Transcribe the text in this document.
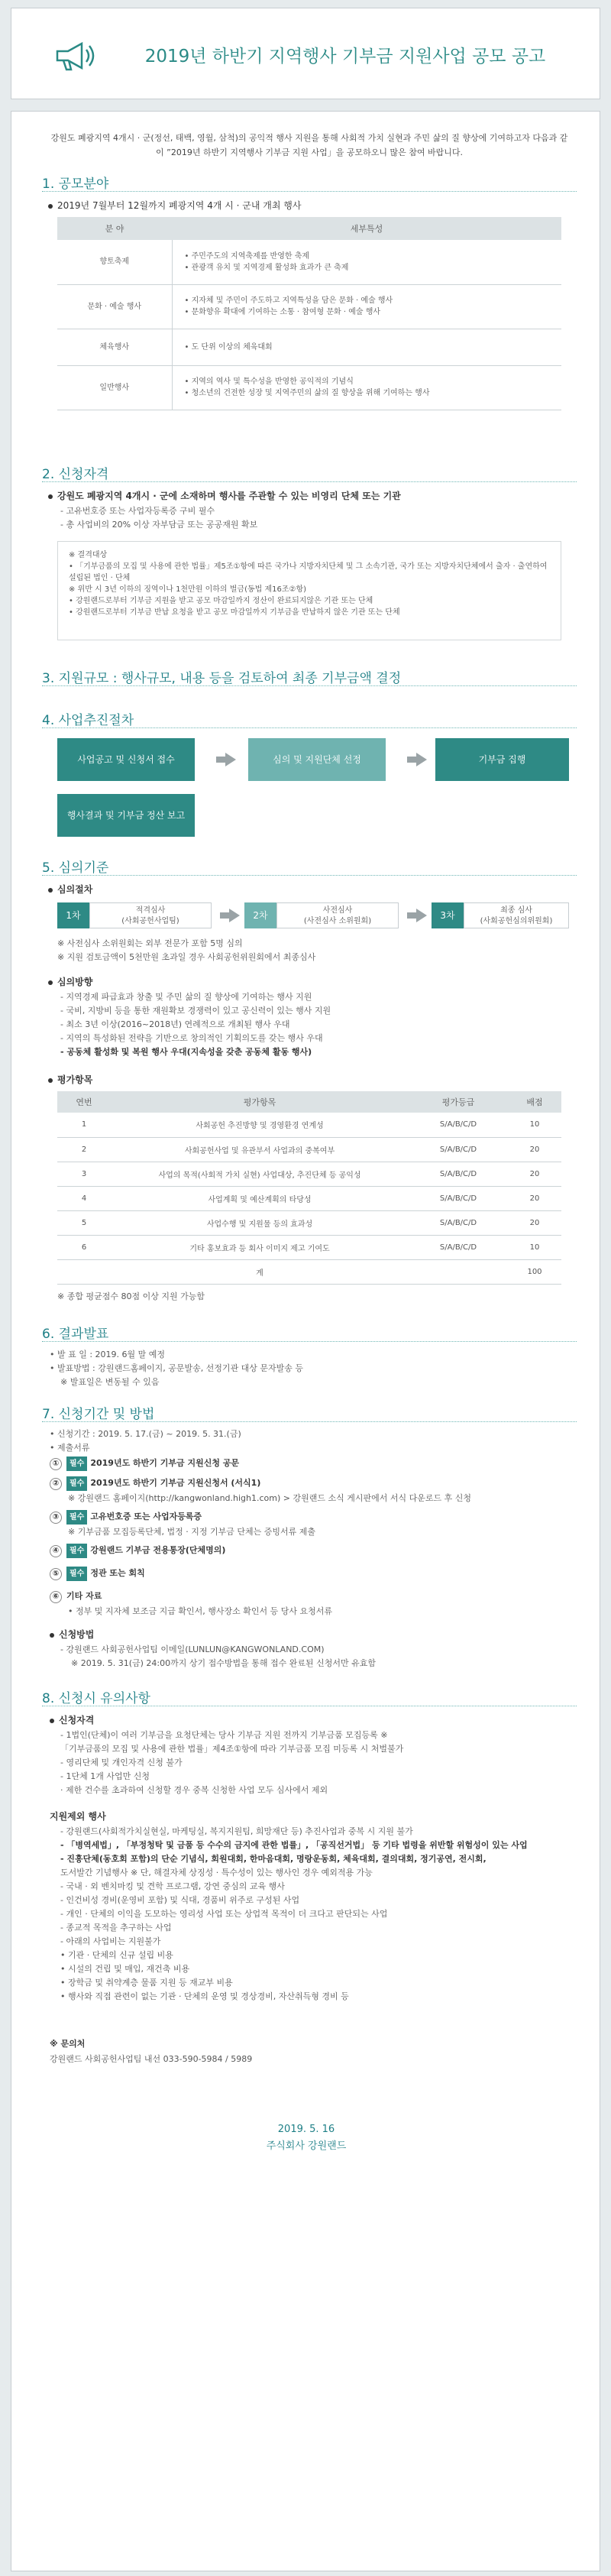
2019년 하반기 지역행사 기부금 지원사업 공모 공고
강원도 폐광지역 4개시 · 군(정선, 태백, 영월, 삼척)의 공익적 행사 지원을 통해 사회적 가치 실현과 주민 삶의 질 향상에 기여하고자 다음과 같이 ”2019년 하반기 지역행사 기부금 지원 사업」을 공모하오니 많은 참여 바랍니다.
1. 공모분야
2019년 7월부터 12월까지 폐광지역 4개 시 · 군내 개최 행사
분 야	세부특성
향토축제	• 주민주도의 지역축제를 반영한 축제
• 관광객 유치 및 지역경제 활성화 효과가 큰 축제

문화 · 예술 행사	• 지자체 및 주민이 주도하고 지역특성을 담은 문화 · 예술 행사
• 문화향유 확대에 기여하는 소통 · 참여형 문화 · 예술 행사

체육행사	• 도 단위 이상의 체육대회

일반행사	• 지역의 역사 및 특수성을 반영한 공익적의 기념식
• 청소년의 건전한 성장 및 지역주민의 삶의 질 향상을 위해 기여하는 행사
2. 신청자격
강원도 폐광지역 4개시 · 군에 소재하며 행사를 주관할 수 있는 비영리 단체 또는 기관
- 고유번호증 또는 사업자등록증 구비 필수
- 총 사업비의 20% 이상 자부담금 또는 공공재원 확보
※ 결격대상
• 「기부금품의 모집 및 사용에 관한 법률」제5조①항에 따른 국가나 지방자치단체 및 그 소속기관, 국가 또는 지방자치단체에서 출자 · 출연하여 설립된 법인 · 단체
※ 위반 시 3년 이하의 징역이나 1천만원 이하의 벌금(동법 제16조②항)
• 강원랜드로부터 기부금 지원을 받고 공모 마감일까지 정산이 완료되지않은 기관 또는 단체
• 강원랜드로부터 기부금 반납 요청을 받고 공모 마감일까지 기부금을 반납하지 않은 기관 또는 단체
3. 지원규모 : 행사규모, 내용 등을 검토하여 최종 기부금액 결정
4. 사업추진절차
사업공고 및 신청서 접수	심의 및 지원단체 선정	기부금 집행
행사결과 및 기부금 정산 보고
5. 심의기준
심의절차
1차	적격심사
(사회공헌사업팀)
2차	사전심사
(사전심사 소위원회)
3차	최종 심사
(사회공헌심의위원회)
※ 사전심사 소위원회는 외부 전문가 포함 5명 심의
※ 지원 검토금액이 5천만원 초과일 경우 사회공헌위원회에서 최종심사
심의방향
- 지역경제 파급효과 창출 및 주민 삶의 질 향상에 기여하는 행사 지원
- 국비, 지방비 등을 통한 재원확보 경쟁력이 있고 공신력이 있는 행사 지원
- 최소 3년 이상(2016~2018년) 연례적으로 개최된 행사 우대
- 지역의 특성화된 전략을 기반으로 창의적인 기획의도를 갖는 행사 우대
- 공동체 활성화 및 복원 행사 우대(지속성을 갖춘 공동체 활동 행사)
평가항목
연번	평가항목	평가등급	배점
1	사회공헌 추진방향 및 경영환경 연계성	S/A/B/C/D	10
2	사회공헌사업 및 유관부서 사업과의 중복여부	S/A/B/C/D	20
3	사업의 목적(사회적 가치 실현) 사업대상, 추진단체 등 공익성	S/A/B/C/D	20
4	사업계획 및 예산계획의 타당성	S/A/B/C/D	20
5	사업수행 및 지원물 등의 효과성	S/A/B/C/D	20
6	기타 홍보효과 등 회사 이미지 제고 기여도	S/A/B/C/D	10
	계		100
※ 종합 평균점수 80점 이상 지원 가능함
6. 결과발표
• 발 표 일 : 2019. 6월 말 예정
• 발표방법 : 강원랜드홈페이지, 공문발송, 선정기관 대상 문자발송 등
※ 발표일은 변동될 수 있음
7. 신청기간 및 방법
• 신청기간 : 2019. 5. 17.(금) ~ 2019. 5. 31.(금)
• 제출서류
① 필수 2019년도 하반기 기부금 지원신청 공문
② 필수 2019년도 하반기 기부금 지원신청서 (서식1)
※ 강원랜드 홈페이지(http://kangwonland.high1.com) > 강원랜드 소식 게시판에서 서식 다운로드 후 신청
③ 필수 고유번호증 또는 사업자등록증
※ 기부금품 모집등록단체, 법정 · 지정 기부금 단체는 증빙서류 제출
④ 필수 강원랜드 기부금 전용통장(단체명의)
⑤ 필수 정관 또는 회칙
⑥ 기타 자료
• 정부 및 지자체 보조금 지급 확인서, 행사장소 확인서 등 당사 요청서류
신청방법
- 강원랜드 사회공헌사업팀 이메일(LUNLUN@KANGWONLAND.COM)
※ 2019. 5. 31(금) 24:00까지 상기 접수방법을 통해 접수 완료된 신청서만 유효함
8. 신청시 유의사항
신청자격
- 1법인(단체)이 여러 기부금을 요청단체는 당사 기부금 지원 전까지 기부금품 모집등록 ※
「기부금품의 모집 및 사용에 관한 법률」제4조①항에 따라 기부금품 모집 미등록 시 처벌불가
- 영리단체 및 개인자격 신청 불가
- 1단체 1개 사업만 신청
· 제한 건수를 초과하여 신청할 경우 중복 신청한 사업 모두 심사에서 제외
지원제외 행사
- 강원랜드(사회적가치실현실, 마케팅실, 복지지원팀, 희망재단 등) 추진사업과 중복 시 지원 불가
- 「병역세법」, 「부정청탁 및 금품 등 수수의 금지에 관한 법률」, 「공직선거법」 등 기타 법령을 위반할 위험성이 있는 사업
- 진흥단체(동호회 포함)의 단순 기념식, 회원대회, 한마음대회, 명랑운동회, 체육대회, 결의대회, 정기공연, 전시회,
도서발간 기념행사 ※ 단, 해결자체 상징성 · 특수성이 있는 행사인 경우 예외적용 가능
- 국내 · 외 벤치마킹 및 견학 프로그램, 강연 중심의 교육 행사
- 인건비성 경비(운영비 포함) 및 식대, 경품비 위주로 구성된 사업
- 개인 · 단체의 이익을 도모하는 영리성 사업 또는 상업적 목적이 더 크다고 판단되는 사업
- 종교적 목적을 추구하는 사업
- 아래의 사업비는 지원불가
• 기관 · 단체의 신규 설립 비용
• 시설의 건립 및 매입, 재건축 비용
• 장학금 및 취약계층 물품 지원 등 재교부 비용
• 행사와 직접 관련이 없는 기관 · 단체의 운영 및 경상경비, 자산취득형 경비 등
※ 문의처
강원랜드 사회공헌사업팀 내선 033-590-5984 / 5989
2019. 5. 16
주식회사 강원랜드
